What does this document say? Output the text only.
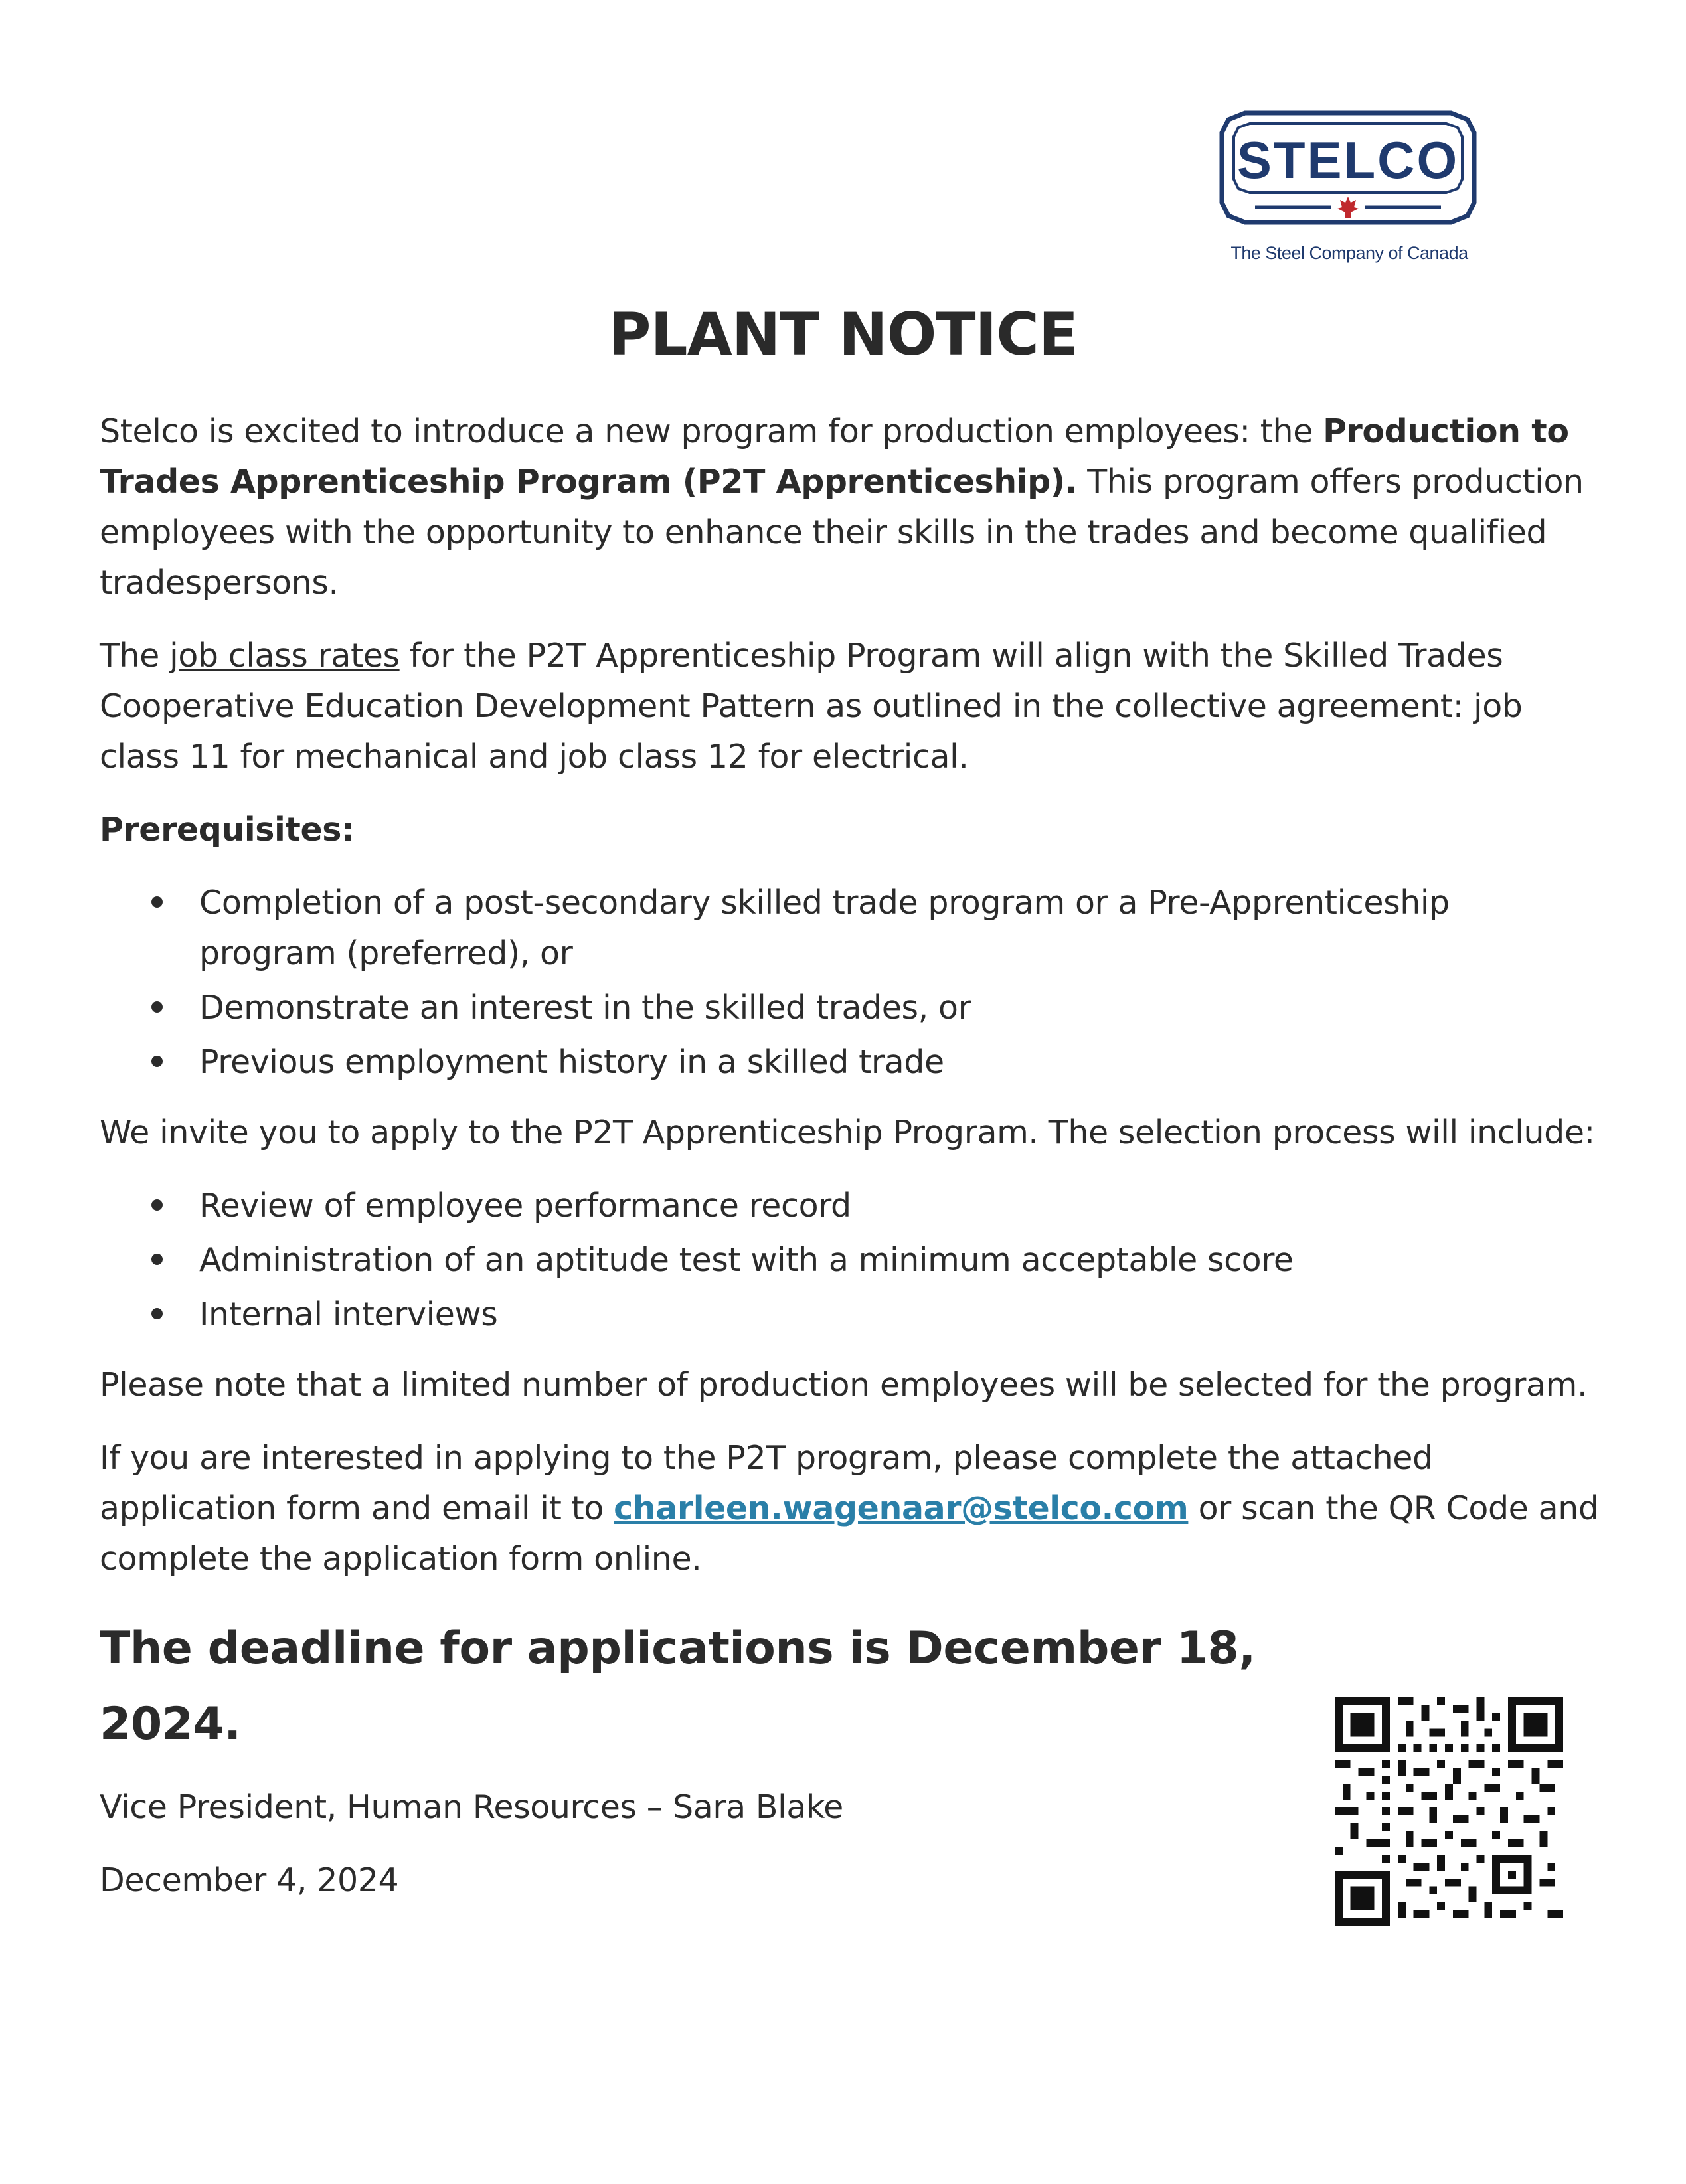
STELCO
The Steel Company of Canada
PLANT NOTICE

Stelco is excited to introduce a new program for production employees: the Production to Trades Apprenticeship Program (P2T Apprenticeship). This program offers production employees with the opportunity to enhance their skills in the trades and become qualified tradespersons.

The job class rates for the P2T Apprenticeship Program will align with the Skilled Trades Cooperative Education Development Pattern as outlined in the collective agreement: job class 11 for mechanical and job class 12 for electrical.

Prerequisites:

Completion of a post-secondary skilled trade program or a Pre-Apprenticeship program (preferred), or
Demonstrate an interest in the skilled trades, or
Previous employment history in a skilled trade

We invite you to apply to the P2T Apprenticeship Program. The selection process will include:

Review of employee performance record
Administration of an aptitude test with a minimum acceptable score
Internal interviews

Please note that a limited number of production employees will be selected for the program.

If you are interested in applying to the P2T program, please complete the attached application form and email it to charleen.wagenaar@stelco.com or scan the QR Code and complete the application form online.

The deadline for applications is December 18, 2024.

Vice President, Human Resources – Sara Blake

December 4, 2024
